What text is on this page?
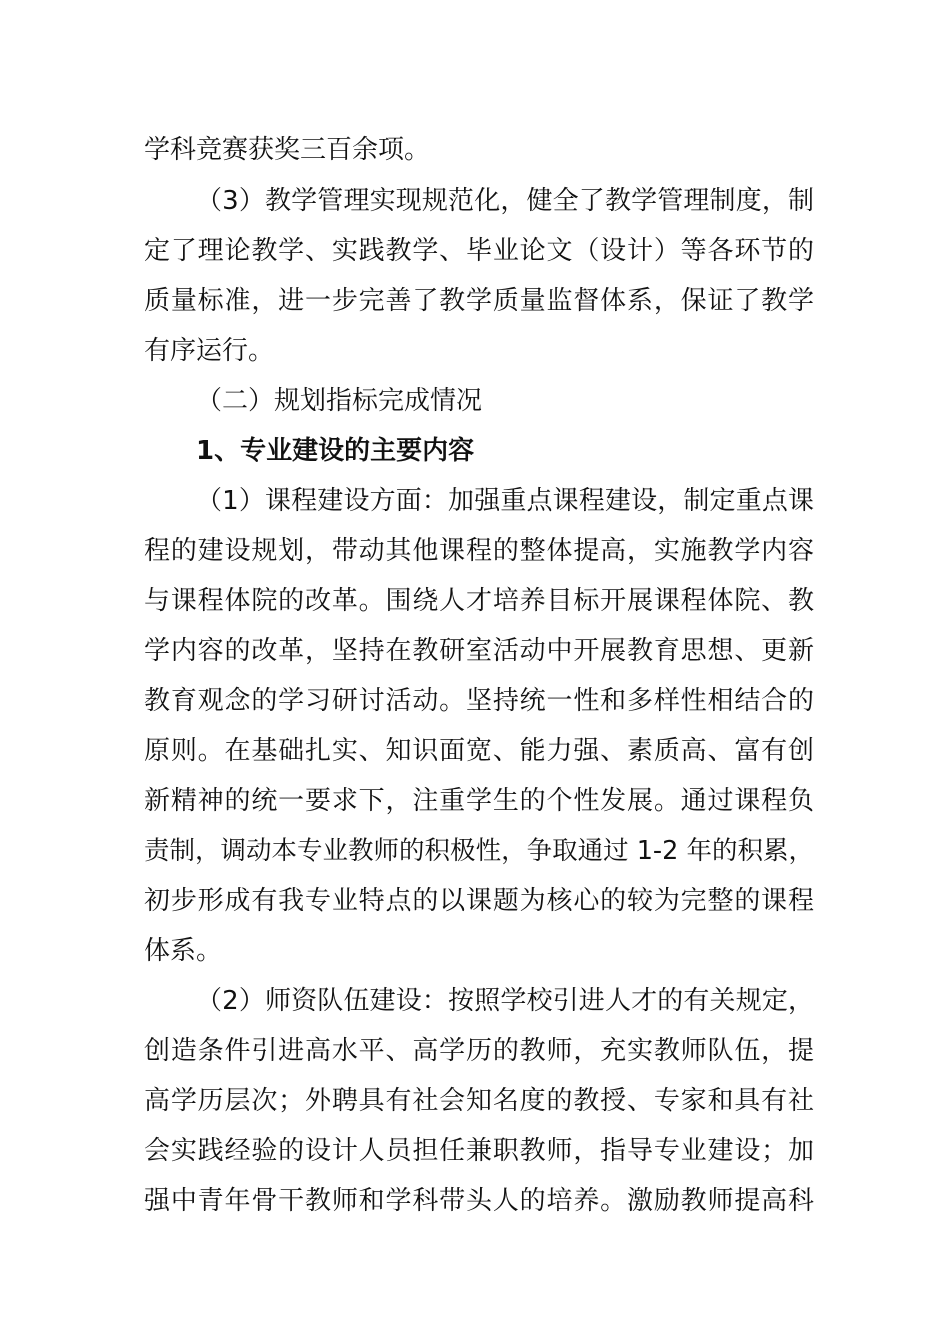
学科竞赛获奖三百余项。
（3）教学管理实现规范化，健全了教学管理制度，制
定了理论教学、实践教学、毕业论文（设计）等各环节的
质量标准，进一步完善了教学质量监督体系，保证了教学
有序运行。
（二）规划指标完成情况
1、专业建设的主要内容
（1）课程建设方面：加强重点课程建设，制定重点课
程的建设规划，带动其他课程的整体提高，实施教学内容
与课程体院的改革。围绕人才培养目标开展课程体院、教
学内容的改革，坚持在教研室活动中开展教育思想、更新
教育观念的学习研讨活动。坚持统一性和多样性相结合的
原则。在基础扎实、知识面宽、能力强、素质高、富有创
新精神的统一要求下，注重学生的个性发展。通过课程负
责制，调动本专业教师的积极性，争取通过 1-2 年的积累，
初步形成有我专业特点的以课题为核心的较为完整的课程
体系。
（2）师资队伍建设：按照学校引进人才的有关规定，
创造条件引进高水平、高学历的教师，充实教师队伍，提
高学历层次；外聘具有社会知名度的教授、专家和具有社
会实践经验的设计人员担任兼职教师，指导专业建设；加
强中青年骨干教师和学科带头人的培养。激励教师提高科
